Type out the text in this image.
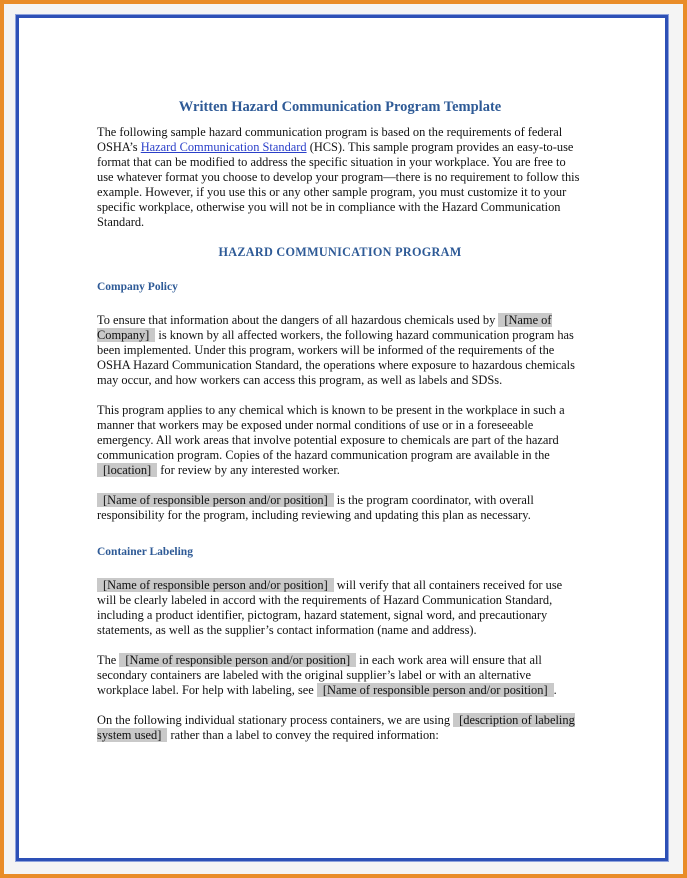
Written Hazard Communication Program Template

The following sample hazard communication program is based on the requirements of federal OSHA’s Hazard Communication Standard (HCS). This sample program provides an easy-to-use format that can be modified to address the specific situation in your workplace. You are free to use whatever format you choose to develop your program—there is no requirement to follow this example. However, if you use this or any other sample program, you must customize it to your specific workplace, otherwise you will not be in compliance with the Hazard Communication Standard.

HAZARD COMMUNICATION PROGRAM
Company Policy

To ensure that information about the dangers of all hazardous chemicals used by [Name of Company] is known by all affected workers, the following hazard communication program has been implemented. Under this program, workers will be informed of the requirements of the OSHA Hazard Communication Standard, the operations where exposure to hazardous chemicals may occur, and how workers can access this program, as well as labels and SDSs.

This program applies to any chemical which is known to be present in the workplace in such a manner that workers may be exposed under normal conditions of use or in a foreseeable emergency. All work areas that involve potential exposure to chemicals are part of the hazard communication program. Copies of the hazard communication program are available in the [location] for review by any interested worker.

[Name of responsible person and/or position] is the program coordinator, with overall responsibility for the program, including reviewing and updating this plan as necessary.

Container Labeling

[Name of responsible person and/or position] will verify that all containers received for use will be clearly labeled in accord with the requirements of Hazard Communication Standard, including a product identifier, pictogram, hazard statement, signal word, and precautionary statements, as well as the supplier’s contact information (name and address).

The [Name of responsible person and/or position] in each work area will ensure that all secondary containers are labeled with the original supplier’s label or with an alternative workplace label. For help with labeling, see [Name of responsible person and/or position] .

On the following individual stationary process containers, we are using [description of labeling system used] rather than a label to convey the required information:
